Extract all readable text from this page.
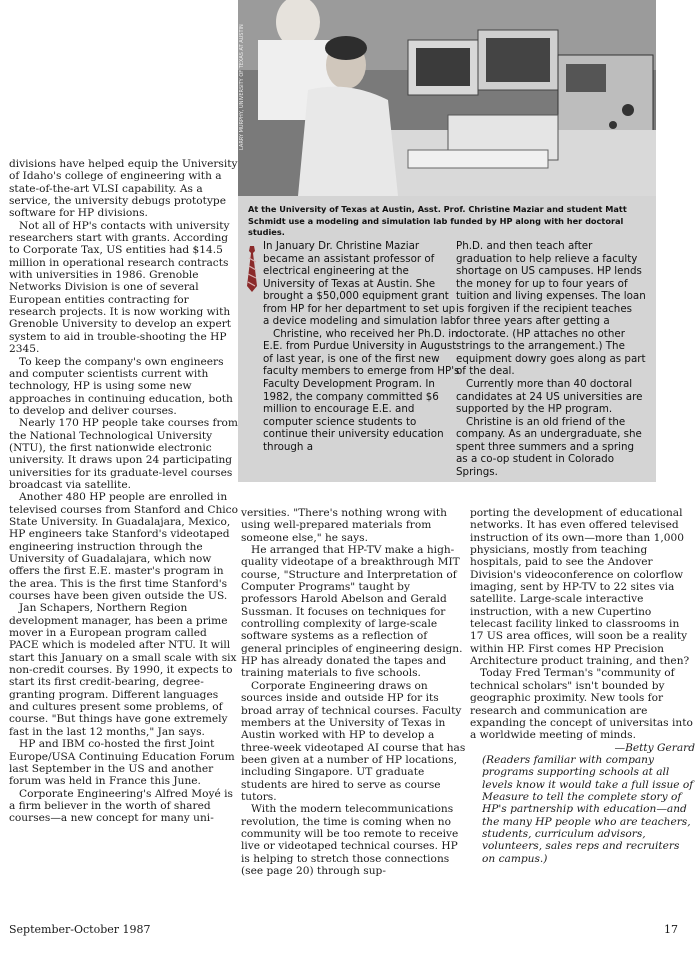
LARRY MURPHY, UNIVERSITY OF TEXAS AT AUSTIN
At the University of Texas at Austin, Asst. Prof. Christine Maziar and student Matt Schmidt use a modeling and simulation lab funded by HP along with her doctoral studies.

In January Dr. Christine Maziar became an assistant professor of electrical engineering at the University of Texas at Austin. She brought a $50,000 equipment grant from HP for her department to set up a device modeling and simulation lab.

Christine, who received her Ph.D. in E.E. from Purdue University in August of last year, is one of the first new faculty members to emerge from HP's Faculty Development Program. In 1982, the company committed $6 million to encourage E.E. and computer science students to continue their university education through a

Ph.D. and then teach after graduation to help relieve a faculty shortage on US campuses. HP lends the money for up to four years of tuition and living expenses. The loan is forgiven if the recipient teaches for three years after getting a doctorate. (HP attaches no other strings to the arrangement.) The equipment dowry goes along as part of the deal.

Currently more than 40 doctoral candidates at 24 US universities are supported by the HP program.

Christine is an old friend of the company. As an undergraduate, she spent three summers and a spring as a co-op student in Colorado Springs.

divisions have helped equip the University of Idaho's college of engineering with a state-of-the-art VLSI capability. As a service, the university debugs prototype software for HP divisions.

Not all of HP's contacts with university researchers start with grants. According to Corporate Tax, US entities had $14.5 million in operational research contracts with universities in 1986. Grenoble Networks Division is one of several European entities contracting for research projects. It is now working with Grenoble University to develop an expert system to aid in trouble-shooting the HP 2345.

To keep the company's own engineers and computer scientists current with technology, HP is using some new approaches in continuing education, both to develop and deliver courses.

Nearly 170 HP people take courses from the National Technological University (NTU), the first nationwide electronic university. It draws upon 24 participating universities for its graduate-level courses broadcast via satellite.

Another 480 HP people are enrolled in televised courses from Stanford and Chico State University. In Guadalajara, Mexico, HP engineers take Stanford's videotaped engineering instruction through the University of Guadalajara, which now offers the first E.E. master's program in the area. This is the first time Stanford's courses have been given outside the US.

Jan Schapers, Northern Region development manager, has been a prime mover in a European program called PACE which is modeled after NTU. It will start this January on a small scale with six non-credit courses. By 1990, it expects to start its first credit-bearing, degree-granting program. Different languages and cultures present some problems, of course. "But things have gone extremely fast in the last 12 months," Jan says.

HP and IBM co-hosted the first Joint Europe/USA Continuing Education Forum last September in the US and another forum was held in France this June.

Corporate Engineering's Alfred Moyé is a firm believer in the worth of shared courses—a new concept for many uni-

versities. "There's nothing wrong with using well-prepared materials from someone else," he says.

He arranged that HP-TV make a high-quality videotape of a breakthrough MIT course, "Structure and Interpretation of Computer Programs" taught by professors Harold Abelson and Gerald Sussman. It focuses on techniques for controlling complexity of large-scale software systems as a reflection of general principles of engineering design. HP has already donated the tapes and training materials to five schools.

Corporate Engineering draws on sources inside and outside HP for its broad array of technical courses. Faculty members at the University of Texas in Austin worked with HP to develop a three-week videotaped AI course that has been given at a number of HP locations, including Singapore. UT graduate students are hired to serve as course tutors.

With the modern telecommunications revolution, the time is coming when no community will be too remote to receive live or videotaped technical courses. HP is helping to stretch those connections (see page 20) through sup-

porting the development of educational networks. It has even offered televised instruction of its own—more than 1,000 physicians, mostly from teaching hospitals, paid to see the Andover Division's videoconference on colorflow imaging, sent by HP-TV to 22 sites via satellite. Large-scale interactive instruction, with a new Cupertino telecast facility linked to classrooms in 17 US area offices, will soon be a reality within HP. First comes HP Precision Architecture product training, and then?

Today Fred Terman's "community of technical scholars" isn't bounded by geographic proximity. New tools for research and communication are expanding the concept of universitas into a worldwide meeting of minds.

—Betty Gerard

(Readers familiar with company programs supporting schools at all levels know it would take a full issue of Measure to tell the complete story of HP's partnership with education—and the many HP people who are teachers, students, curriculum advisors, volunteers, sales reps and recruiters on campus.)

September-October 1987	17
